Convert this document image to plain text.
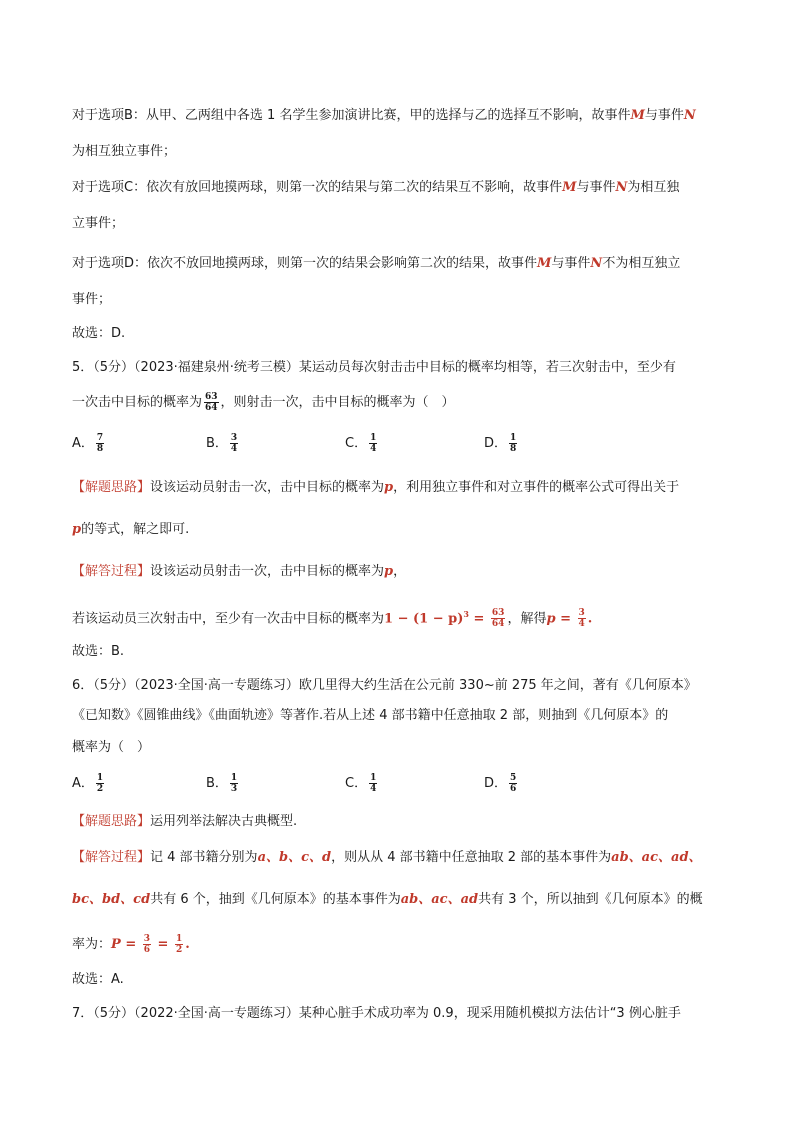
对于选项B：从甲、乙两组中各选 1 名学生参加演讲比赛，甲的选择与乙的选择互不影响，故事件M与事件N
为相互独立事件；
对于选项C：依次有放回地摸两球，则第一次的结果与第二次的结果互不影响，故事件M与事件N为相互独
立事件；
对于选项D：依次不放回地摸两球，则第一次的结果会影响第二次的结果，故事件M与事件N不为相互独立
事件；
故选：D.
5．（5分）（2023·福建泉州·统考三模）某运动员每次射击击中目标的概率均相等，若三次射击中，至少有
一次击中目标的概率为 $\frac{63}{64}$ ，则射击一次，击中目标的概率为（　）
A． $\frac{7}{8}$	B． $\frac{3}{4}$	C． $\frac{1}{4}$	D． $\frac{1}{8}$
【解题思路】设该运动员射击一次，击中目标的概率为p，利用独立事件和对立事件的概率公式可得出关于
p的等式，解之即可.
【解答过程】设该运动员射击一次，击中目标的概率为p，
若该运动员三次射击中，至少有一次击中目标的概率为$1 - (1 - p)^3 = \frac{63}{64}$ ，解得$p = \frac{3}{4}$ .
故选：B.
6．（5分）（2023·全国·高一专题练习）欧几里得大约生活在公元前 330~前 275 年之间，著有《几何原本》
《已知数》《圆锥曲线》《曲面轨迹》等著作.若从上述 4 部书籍中任意抽取 2 部，则抽到《几何原本》的
概率为（　）
A． $\frac{1}{2}$	B． $\frac{1}{3}$	C． $\frac{1}{4}$	D． $\frac{5}{6}$
【解题思路】运用列举法解决古典概型.
【解答过程】记 4 部书籍分别为a、b、c、d，则从从 4 部书籍中任意抽取 2 部的基本事件为ab、ac、ad、
bc、bd、cd共有 6 个，抽到《几何原本》的基本事件为ab、ac、ad共有 3 个，所以抽到《几何原本》的概
率为：$P = \frac{3}{6} = \frac{1}{2}$ .
故选：A.
7．（5分）（2022·全国·高一专题练习）某种心脏手术成功率为 0.9，现采用随机模拟方法估计“3 例心脏手
